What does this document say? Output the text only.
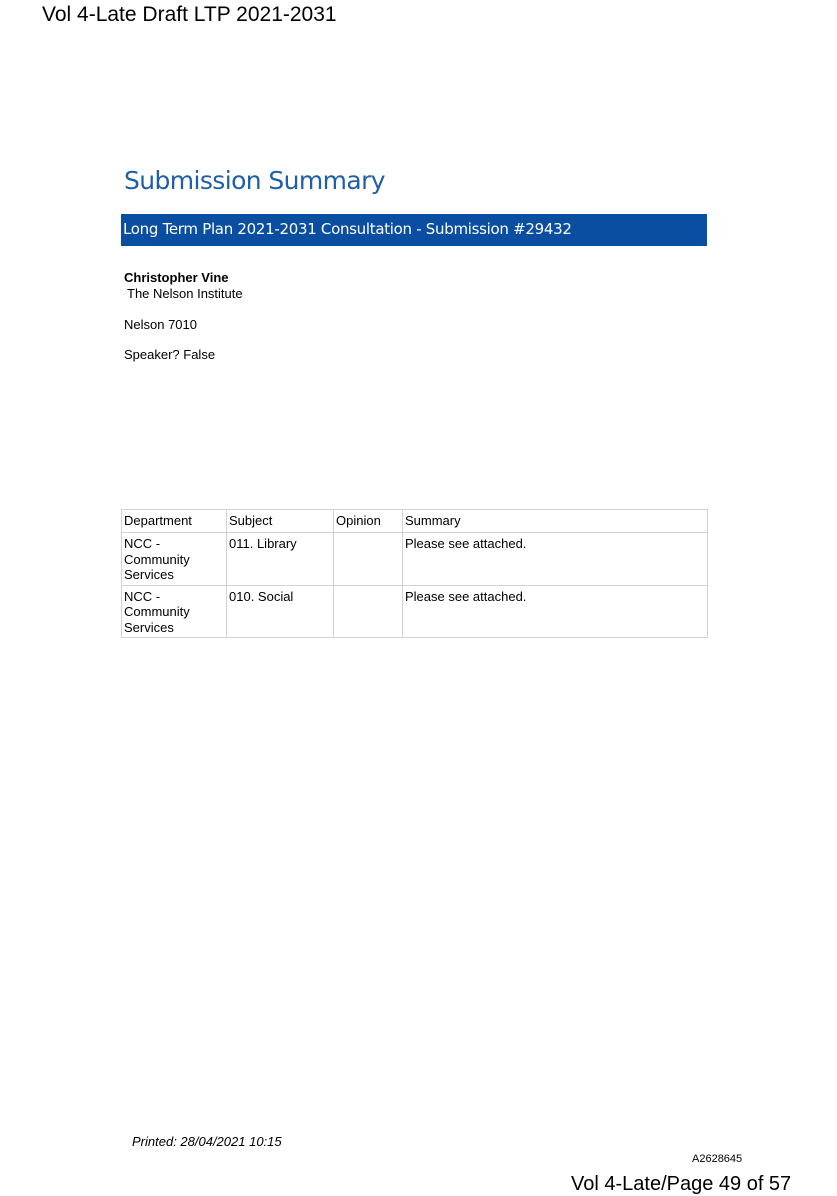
Vol 4-Late Draft LTP 2021-2031
Submission Summary
Long Term Plan 2021-2031 Consultation - Submission #29432
Christopher Vine
The Nelson Institute
Nelson 7010
Speaker? False
Department	Subject	Opinion	Summary
NCC - Community Services	011. Library		Please see attached.
NCC - Community Services	010. Social		Please see attached.
Printed: 28/04/2021 10:15
A2628645
Vol 4-Late/Page 49 of 57
